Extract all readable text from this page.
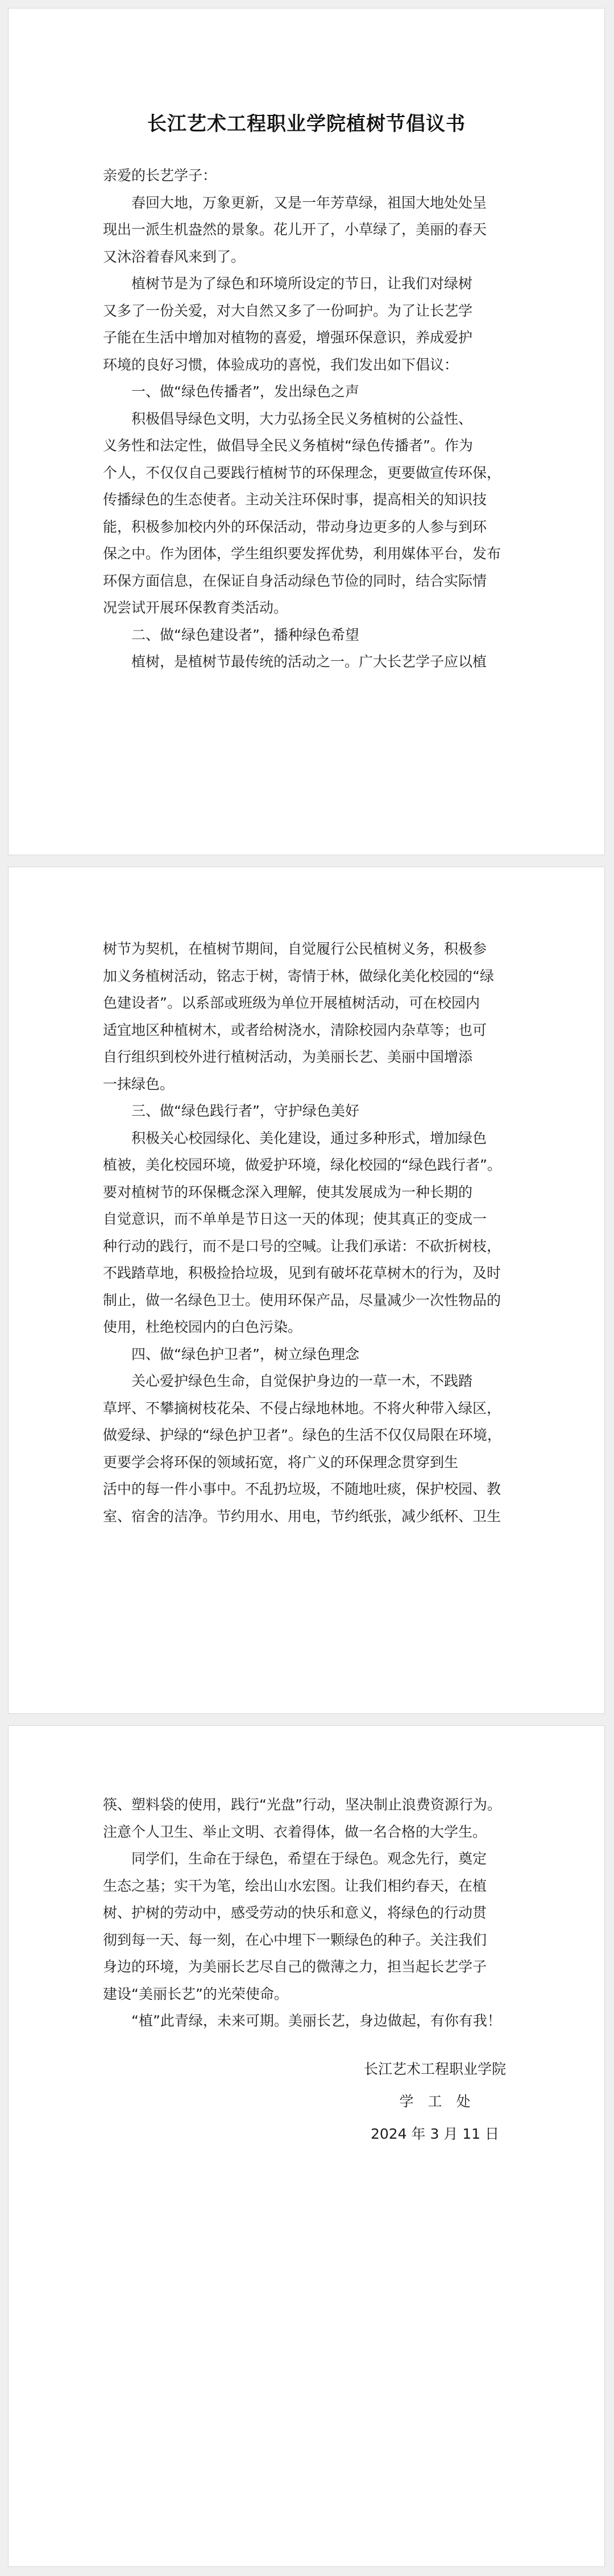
长江艺术工程职业学院植树节倡议书

亲爱的长艺学子：

春回大地，万象更新，又是一年芳草绿，祖国大地处处呈

现出一派生机盎然的景象。花儿开了，小草绿了，美丽的春天

又沐浴着春风来到了。

植树节是为了绿色和环境所设定的节日，让我们对绿树

又多了一份关爱，对大自然又多了一份呵护。为了让长艺学

子能在生活中增加对植物的喜爱，增强环保意识，养成爱护

环境的良好习惯，体验成功的喜悦，我们发出如下倡议：

一、做“绿色传播者”，发出绿色之声

积极倡导绿色文明，大力弘扬全民义务植树的公益性、

义务性和法定性，做倡导全民义务植树“绿色传播者”。作为

个人，不仅仅自己要践行植树节的环保理念，更要做宣传环保，

传播绿色的生态使者。主动关注环保时事，提高相关的知识技

能，积极参加校内外的环保活动，带动身边更多的人参与到环

保之中。作为团体，学生组织要发挥优势，利用媒体平台，发布

环保方面信息，在保证自身活动绿色节俭的同时，结合实际情

况尝试开展环保教育类活动。

二、做“绿色建设者”，播种绿色希望

植树，是植树节最传统的活动之一。广大长艺学子应以植

树节为契机，在植树节期间，自觉履行公民植树义务，积极参

加义务植树活动，铭志于树，寄情于林，做绿化美化校园的“绿

色建设者”。以系部或班级为单位开展植树活动，可在校园内

适宜地区种植树木，或者给树浇水，清除校园内杂草等；也可

自行组织到校外进行植树活动，为美丽长艺、美丽中国增添

一抹绿色。

三、做“绿色践行者”，守护绿色美好

积极关心校园绿化、美化建设，通过多种形式，增加绿色

植被，美化校园环境，做爱护环境，绿化校园的“绿色践行者”。

要对植树节的环保概念深入理解，使其发展成为一种长期的

自觉意识，而不单单是节日这一天的体现；使其真正的变成一

种行动的践行，而不是口号的空喊。让我们承诺：不砍折树枝，

不践踏草地，积极捡拾垃圾，见到有破坏花草树木的行为，及时

制止，做一名绿色卫士。使用环保产品，尽量减少一次性物品的

使用，杜绝校园内的白色污染。

四、做“绿色护卫者”，树立绿色理念

关心爱护绿色生命，自觉保护身边的一草一木，不践踏

草坪、不攀摘树枝花朵、不侵占绿地林地。不将火种带入绿区，

做爱绿、护绿的“绿色护卫者”。绿色的生活不仅仅局限在环境，

更要学会将环保的领域拓宽，将广义的环保理念贯穿到生

活中的每一件小事中。不乱扔垃圾，不随地吐痰，保护校园、教

室、宿舍的洁净。节约用水、用电，节约纸张，减少纸杯、卫生

筷、塑料袋的使用，践行“光盘”行动，坚决制止浪费资源行为。

注意个人卫生、举止文明、衣着得体，做一名合格的大学生。

同学们，生命在于绿色，希望在于绿色。观念先行，奠定

生态之基；实干为笔，绘出山水宏图。让我们相约春天，在植

树、护树的劳动中，感受劳动的快乐和意义，将绿色的行动贯

彻到每一天、每一刻，在心中埋下一颗绿色的种子。关注我们

身边的环境，为美丽长艺尽自己的微薄之力，担当起长艺学子

建设“美丽长艺”的光荣使命。

“植”此青绿，未来可期。美丽长艺，身边做起，有你有我！

长江艺术工程职业学院
学　工　处
2024 年 3 月 11 日
